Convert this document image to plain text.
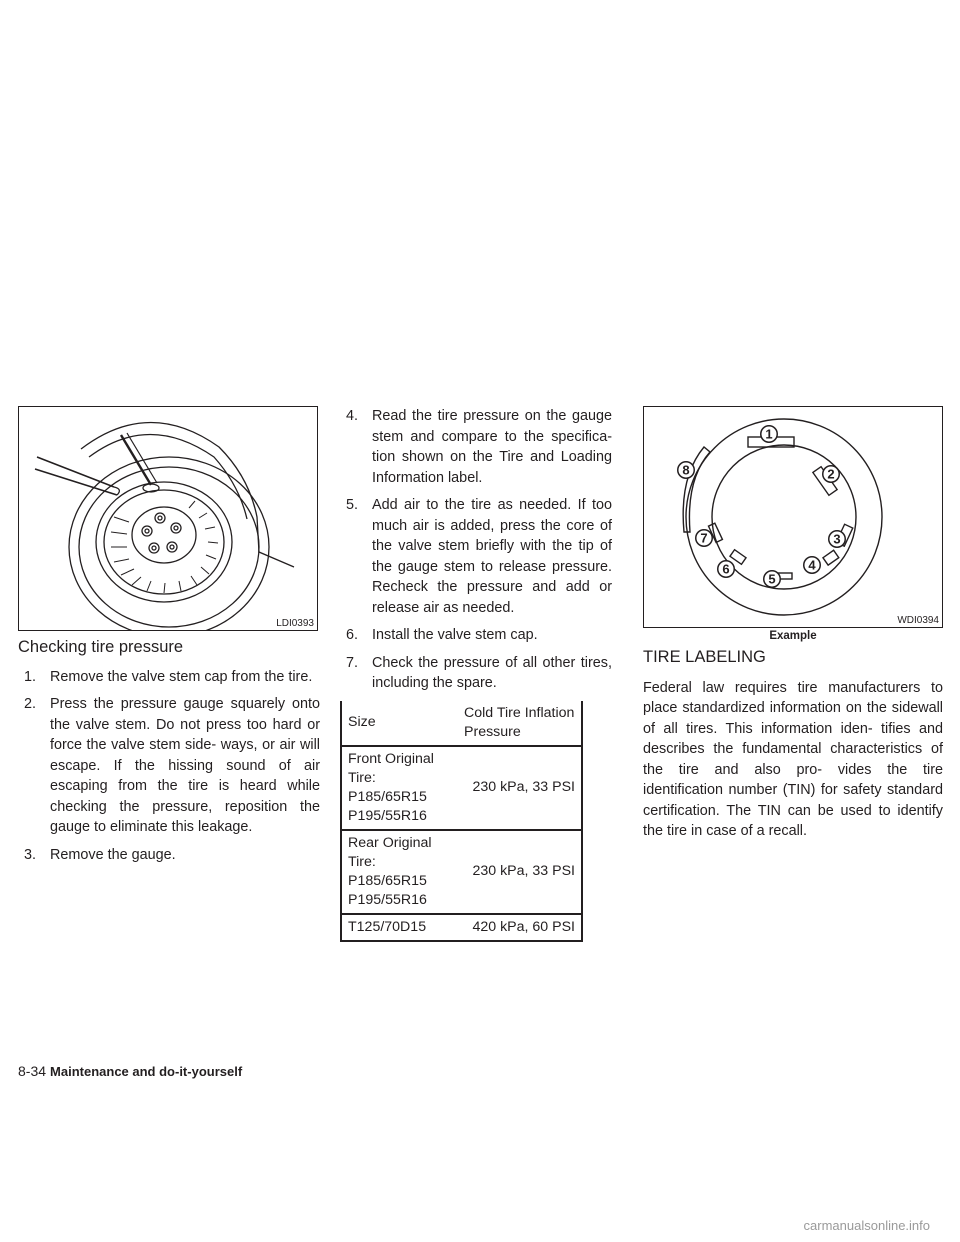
LDI0393
1
2
3
4
5
6
7
8
WDI0394
Example
Checking tire pressure
1. Remove the valve stem cap from the tire.
2. Press the pressure gauge squarely onto the valve stem. Do not press too hard or force the valve stem side- ways, or air will escape. If the hissing sound of air escaping from the tire is heard while checking the pressure, reposition the gauge to eliminate this leakage.
3. Remove the gauge.
4. Read the tire pressure on the gauge stem and compare to the specifica- tion shown on the Tire and Loading Information label.
5. Add air to the tire as needed. If too much air is added, press the core of the valve stem briefly with the tip of the gauge stem to release pressure. Recheck the pressure and add or release air as needed.
6. Install the valve stem cap.
7. Check the pressure of all other tires, including the spare.
Size	Cold Tire Inflation Pressure
Front Original Tire: P185/65R15 P195/55R16	230 kPa, 33 PSI
Rear Original Tire: P185/65R15 P195/55R16	230 kPa, 33 PSI
T125/70D15	420 kPa, 60 PSI
TIRE LABELING
Federal law requires tire manufacturers to place standardized information on the sidewall of all tires. This information iden- tifies and describes the fundamental characteristics of the tire and also pro- vides the tire identification number (TIN) for safety standard certification. The TIN can be used to identify the tire in case of a recall.
8-34 Maintenance and do-it-yourself
carmanualsonline.info
